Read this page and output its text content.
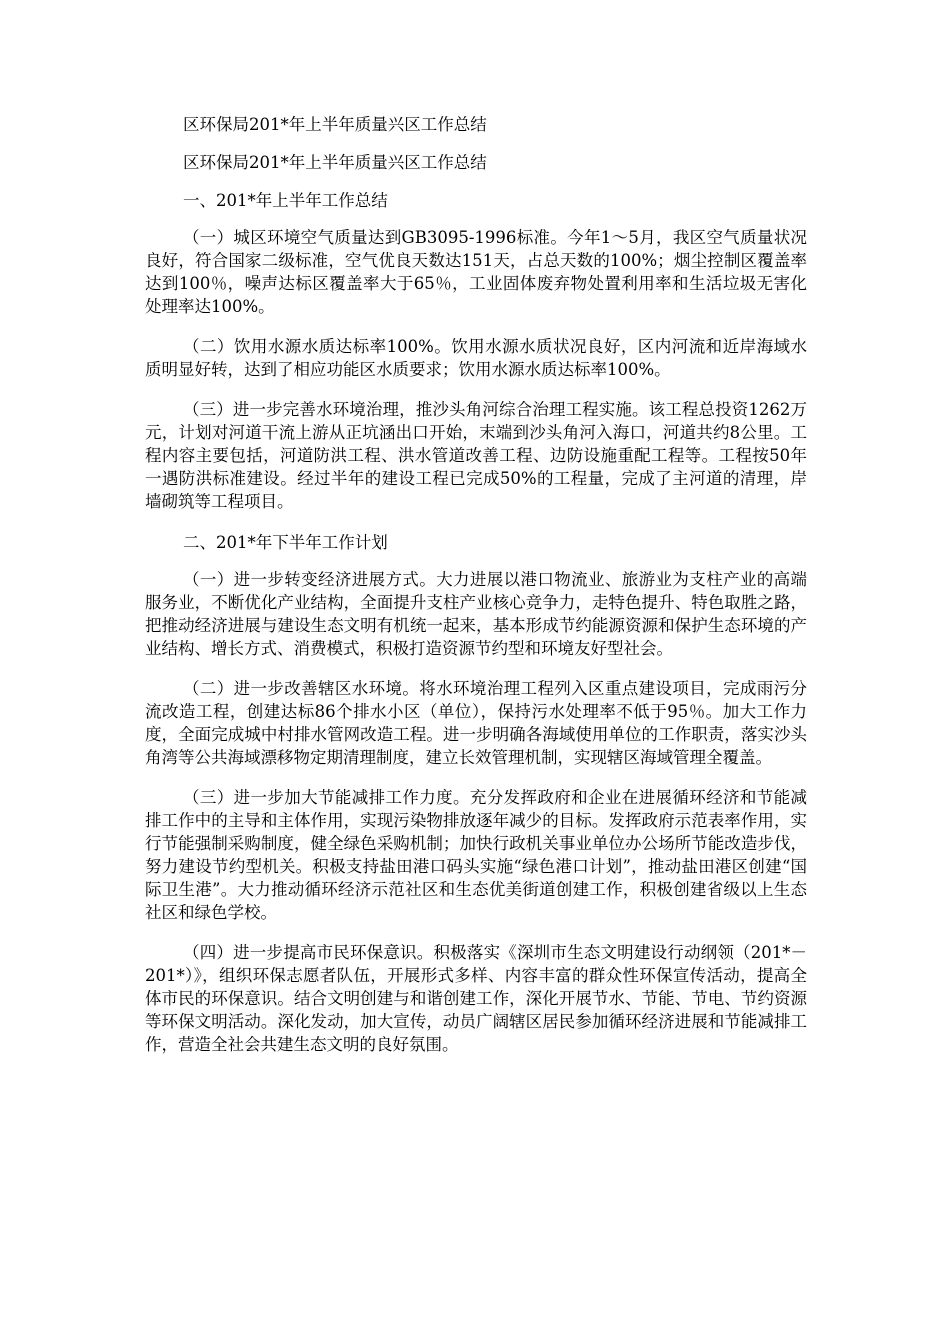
区环保局201*年上半年质量兴区工作总结
区环保局201*年上半年质量兴区工作总结
一、201*年上半年工作总结

（一）城区环境空气质量达到GB3095-1996标准。今年1～5月，我区空气质量状况良好，符合国家二级标准，空气优良天数达151天，占总天数的100%；烟尘控制区覆盖率达到100％，噪声达标区覆盖率大于65％，工业固体废弃物处置利用率和生活垃圾无害化处理率达100%。

（二）饮用水源水质达标率100%。饮用水源水质状况良好，区内河流和近岸海域水质明显好转，达到了相应功能区水质要求；饮用水源水质达标率100%。

（三）进一步完善水环境治理，推沙头角河综合治理工程实施。该工程总投资1262万元，计划对河道干流上游从正坑涵出口开始，末端到沙头角河入海口，河道共约8公里。工程内容主要包括，河道防洪工程、洪水管道改善工程、边防设施重配工程等。工程按50年一遇防洪标准建设。经过半年的建设工程已完成50%的工程量，完成了主河道的清理，岸墙砌筑等工程项目。

二、201*年下半年工作计划

（一）进一步转变经济进展方式。大力进展以港口物流业、旅游业为支柱产业的高端服务业，不断优化产业结构，全面提升支柱产业核心竞争力，走特色提升、特色取胜之路，把推动经济进展与建设生态文明有机统一起来，基本形成节约能源资源和保护生态环境的产业结构、增长方式、消费模式，积极打造资源节约型和环境友好型社会。

（二）进一步改善辖区水环境。将水环境治理工程列入区重点建设项目，完成雨污分流改造工程，创建达标86个排水小区（单位），保持污水处理率不低于95％。加大工作力度，全面完成城中村排水管网改造工程。进一步明确各海域使用单位的工作职责，落实沙头角湾等公共海域漂移物定期清理制度，建立长效管理机制，实现辖区海域管理全覆盖。

（三）进一步加大节能减排工作力度。充分发挥政府和企业在进展循环经济和节能减排工作中的主导和主体作用，实现污染物排放逐年减少的目标。发挥政府示范表率作用，实行节能强制采购制度，健全绿色采购机制；加快行政机关事业单位办公场所节能改造步伐，努力建设节约型机关。积极支持盐田港口码头实施“绿色港口计划”，推动盐田港区创建“国际卫生港”。大力推动循环经济示范社区和生态优美街道创建工作，积极创建省级以上生态社区和绿色学校。

（四）进一步提高市民环保意识。积极落实《深圳市生态文明建设行动纲领（201*－201*）》，组织环保志愿者队伍，开展形式多样、内容丰富的群众性环保宣传活动，提高全体市民的环保意识。结合文明创建与和谐创建工作，深化开展节水、节能、节电、节约资源等环保文明活动。深化发动，加大宣传，动员广阔辖区居民参加循环经济进展和节能减排工作，营造全社会共建生态文明的良好氛围。
